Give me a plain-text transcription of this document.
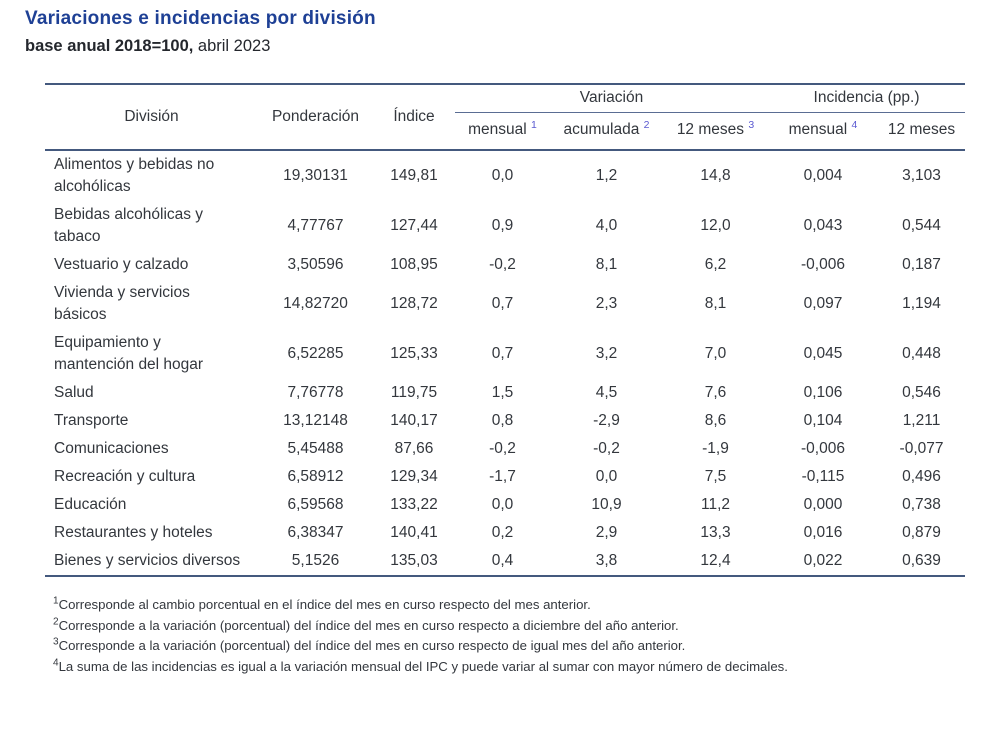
Variaciones e incidencias por división
base anual 2018=100, abril 2023
División	Ponderación	Índice	Variación			Incidencia (pp.)	
			mensual $^1$	acumulada $^2$	12 meses $^3$	mensual $^4$	12 meses
Alimentos y bebidas no alcohólicas	19,30131	149,81	0,0	1,2	14,8	0,004	3,103
Bebidas alcohólicas y tabaco	4,77767	127,44	0,9	4,0	12,0	0,043	0,544
Vestuario y calzado	3,50596	108,95	-0,2	8,1	6,2	-0,006	0,187
Vivienda y servicios básicos	14,82720	128,72	0,7	2,3	8,1	0,097	1,194
Equipamiento y mantención del hogar	6,52285	125,33	0,7	3,2	7,0	0,045	0,448
Salud	7,76778	119,75	1,5	4,5	7,6	0,106	0,546
Transporte	13,12148	140,17	0,8	-2,9	8,6	0,104	1,211
Comunicaciones	5,45488	87,66	-0,2	-0,2	-1,9	-0,006	-0,077
Recreación y cultura	6,58912	129,34	-1,7	0,0	7,5	-0,115	0,496
Educación	6,59568	133,22	0,0	10,9	11,2	0,000	0,738
Restaurantes y hoteles	6,38347	140,41	0,2	2,9	13,3	0,016	0,879
Bienes y servicios diversos	5,1526	135,03	0,4	3,8	12,4	0,022	0,639
$^1$Corresponde al cambio porcentual en el índice del mes en curso respecto del mes anterior.
$^2$Corresponde a la variación (porcentual) del índice del mes en curso respecto a diciembre del año anterior.
$^3$Corresponde a la variación (porcentual) del índice del mes en curso respecto de igual mes del año anterior.
$^4$La suma de las incidencias es igual a la variación mensual del IPC y puede variar al sumar con mayor número de decimales.
